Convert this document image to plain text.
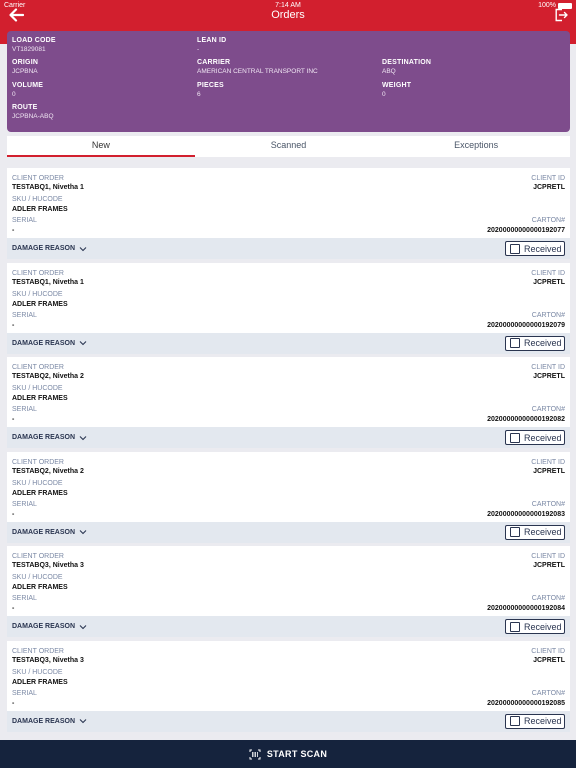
Carrier	7:14 AM	100%
Orders
LOAD CODE
VT1829081
LEAN ID
-
ORIGIN
JCPBNA
CARRIER
AMERICAN CENTRAL TRANSPORT INC
DESTINATION
ABQ
VOLUME
0
PIECES
6
WEIGHT
0
ROUTE
JCPBNA-ABQ
New	Scanned	Exceptions
CLIENT ORDER
TESTABQ1, Nivetha 1
CLIENT ID
JCPRETL
SKU / HUCODE
ADLER FRAMES
SERIAL
-
CARTON#
20200000000000192077
DAMAGE REASON	Received
CLIENT ORDER
TESTABQ1, Nivetha 1
CLIENT ID
JCPRETL
SKU / HUCODE
ADLER FRAMES
SERIAL
-
CARTON#
20200000000000192079
DAMAGE REASON	Received
CLIENT ORDER
TESTABQ2, Nivetha 2
CLIENT ID
JCPRETL
SKU / HUCODE
ADLER FRAMES
SERIAL
-
CARTON#
20200000000000192082
DAMAGE REASON	Received
CLIENT ORDER
TESTABQ2, Nivetha 2
CLIENT ID
JCPRETL
SKU / HUCODE
ADLER FRAMES
SERIAL
-
CARTON#
20200000000000192083
DAMAGE REASON	Received
CLIENT ORDER
TESTABQ3, Nivetha 3
CLIENT ID
JCPRETL
SKU / HUCODE
ADLER FRAMES
SERIAL
-
CARTON#
20200000000000192084
DAMAGE REASON	Received
CLIENT ORDER
TESTABQ3, Nivetha 3
CLIENT ID
JCPRETL
SKU / HUCODE
ADLER FRAMES
SERIAL
-
CARTON#
20200000000000192085
DAMAGE REASON	Received
START SCAN
